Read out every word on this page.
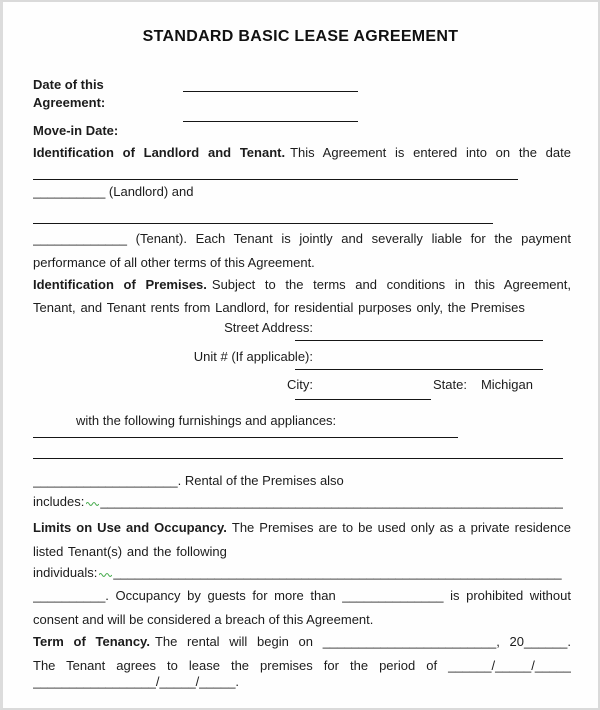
STANDARD BASIC LEASE AGREEMENT
Date of this
Agreement:
Move-in Date:
Identification of Landlord and Tenant. This Agreement is entered into on the date
__________ (Landlord) and
_____________ (Tenant). Each Tenant is jointly and severally liable for the payment
performance of all other terms of this Agreement.
Identification of Premises. Subject to the terms and conditions in this Agreement,
Tenant, and Tenant rents from Landlord, for residential purposes only, the Premises
Street Address:
Unit # (If applicable):
City:	State: Michigan
with the following furnishings and appliances:
____________________. Rental of the Premises also
includes: ________________________________________________________________
Limits on Use and Occupancy. The Premises are to be used only as a private residence
listed Tenant(s) and the following
individuals: ______________________________________________________________
__________. Occupancy by guests for more than ______________ is prohibited without
consent and will be considered a breach of this Agreement.
Term of Tenancy. The rental will begin on ________________________, 20______.
The Tenant agrees to lease the premises for the period of ______/_____/_____
_________________/_____/_____.
